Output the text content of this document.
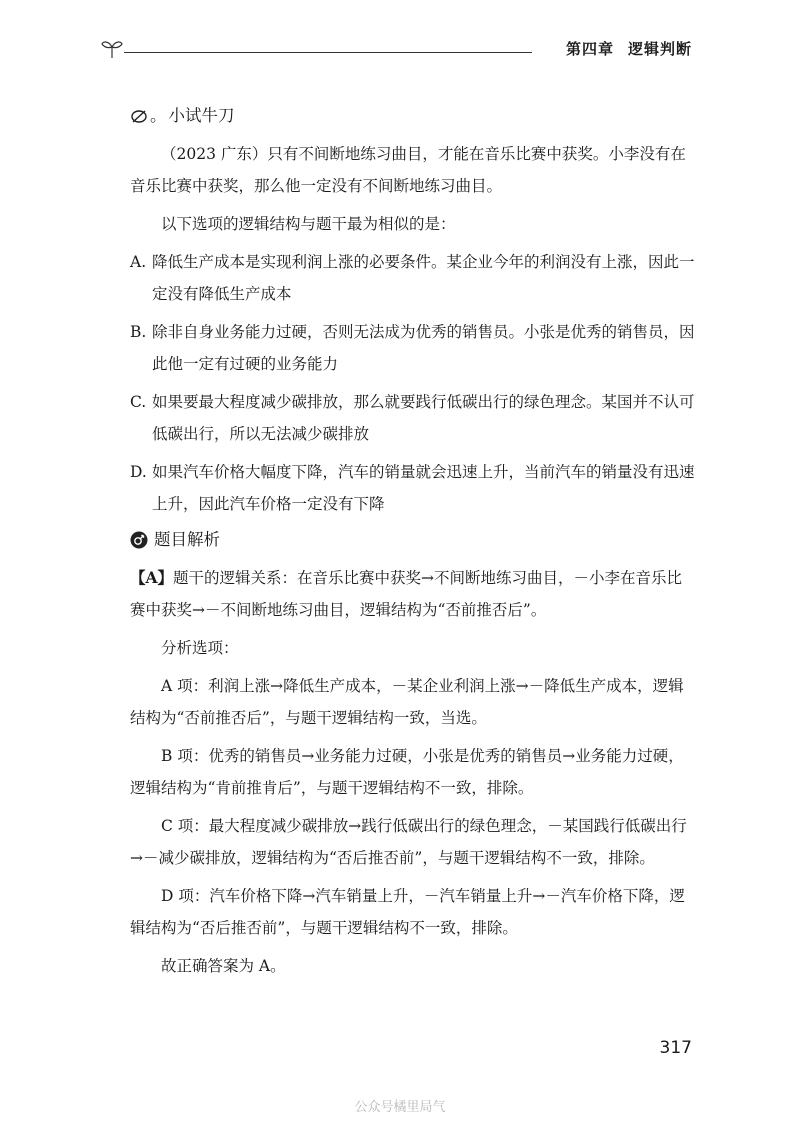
第四章 逻辑判断
。 小试牛刀

（2023 广东）只有不间断地练习曲目，才能在音乐比赛中获奖。小李没有在音乐比赛中获奖，那么他一定没有不间断地练习曲目。

以下选项的逻辑结构与题干最为相似的是：

A. 降低生产成本是实现利润上涨的必要条件。某企业今年的利润没有上涨，因此一定没有降低生产成本
B. 除非自身业务能力过硬，否则无法成为优秀的销售员。小张是优秀的销售员，因此他一定有过硬的业务能力
C. 如果要最大程度减少碳排放，那么就要践行低碳出行的绿色理念。某国并不认可低碳出行，所以无法减少碳排放
D. 如果汽车价格大幅度下降，汽车的销量就会迅速上升，当前汽车的销量没有迅速上升，因此汽车价格一定没有下降
题目解析

【A】题干的逻辑关系：在音乐比赛中获奖→不间断地练习曲目，－小李在音乐比赛中获奖→－不间断地练习曲目，逻辑结构为“否前推否后”。

分析选项：

A 项：利润上涨→降低生产成本，－某企业利润上涨→－降低生产成本，逻辑结构为“否前推否后”，与题干逻辑结构一致，当选。

B 项：优秀的销售员→业务能力过硬，小张是优秀的销售员→业务能力过硬，逻辑结构为“肯前推肯后”，与题干逻辑结构不一致，排除。

C 项：最大程度减少碳排放→践行低碳出行的绿色理念，－某国践行低碳出行→－减少碳排放，逻辑结构为“否后推否前”，与题干逻辑结构不一致，排除。

D 项：汽车价格下降→汽车销量上升，－汽车销量上升→－汽车价格下降，逻辑结构为“否后推否前”，与题干逻辑结构不一致，排除。

故正确答案为 A。

317
公众号橘里局气
